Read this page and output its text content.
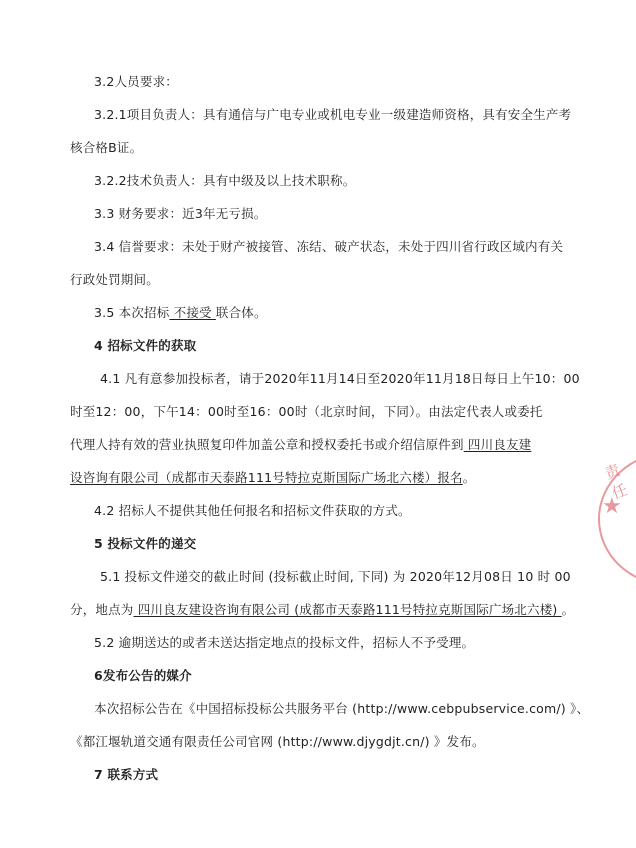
3.2人员要求：
3.2.1项目负责人：具有通信与广电专业或机电专业一级建造师资格，具有安全生产考
核合格B证。
3.2.2技术负责人：具有中级及以上技术职称。
3.3 财务要求：近3年无亏损。
3.4 信誉要求：未处于财产被接管、冻结、破产状态，未处于四川省行政区域内有关
行政处罚期间。
3.5 本次招标 不接受 联合体。
4 招标文件的获取
4.1 凡有意参加投标者，请于2020年11月14日至2020年11月18日每日上午10：00
时至12：00，下午14：00时至16：00时（北京时间，下同）。由法定代表人或委托
代理人持有效的营业执照复印件加盖公章和授权委托书或介绍信原件到 四川良友建
设咨询有限公司（成都市天泰路111号特拉克斯国际广场北六楼）报名。
4.2 招标人不提供其他任何报名和招标文件获取的方式。
5 投标文件的递交
5.1 投标文件递交的截止时间 (投标截止时间, 下同) 为 2020年12月08日 10 时 00
分，地点为 四川良友建设咨询有限公司 (成都市天泰路111号特拉克斯国际广场北六楼) 。
5.2 逾期送达的或者未送达指定地点的投标文件，招标人不予受理。
6发布公告的媒介
本次招标公告在《中国招标投标公共服务平台 (http://www.cebpubservice.com/) 》、
《都江堰轨道交通有限责任公司官网 (http://www.djygdjt.cn/) 》发布。
7 联系方式
责任
★
